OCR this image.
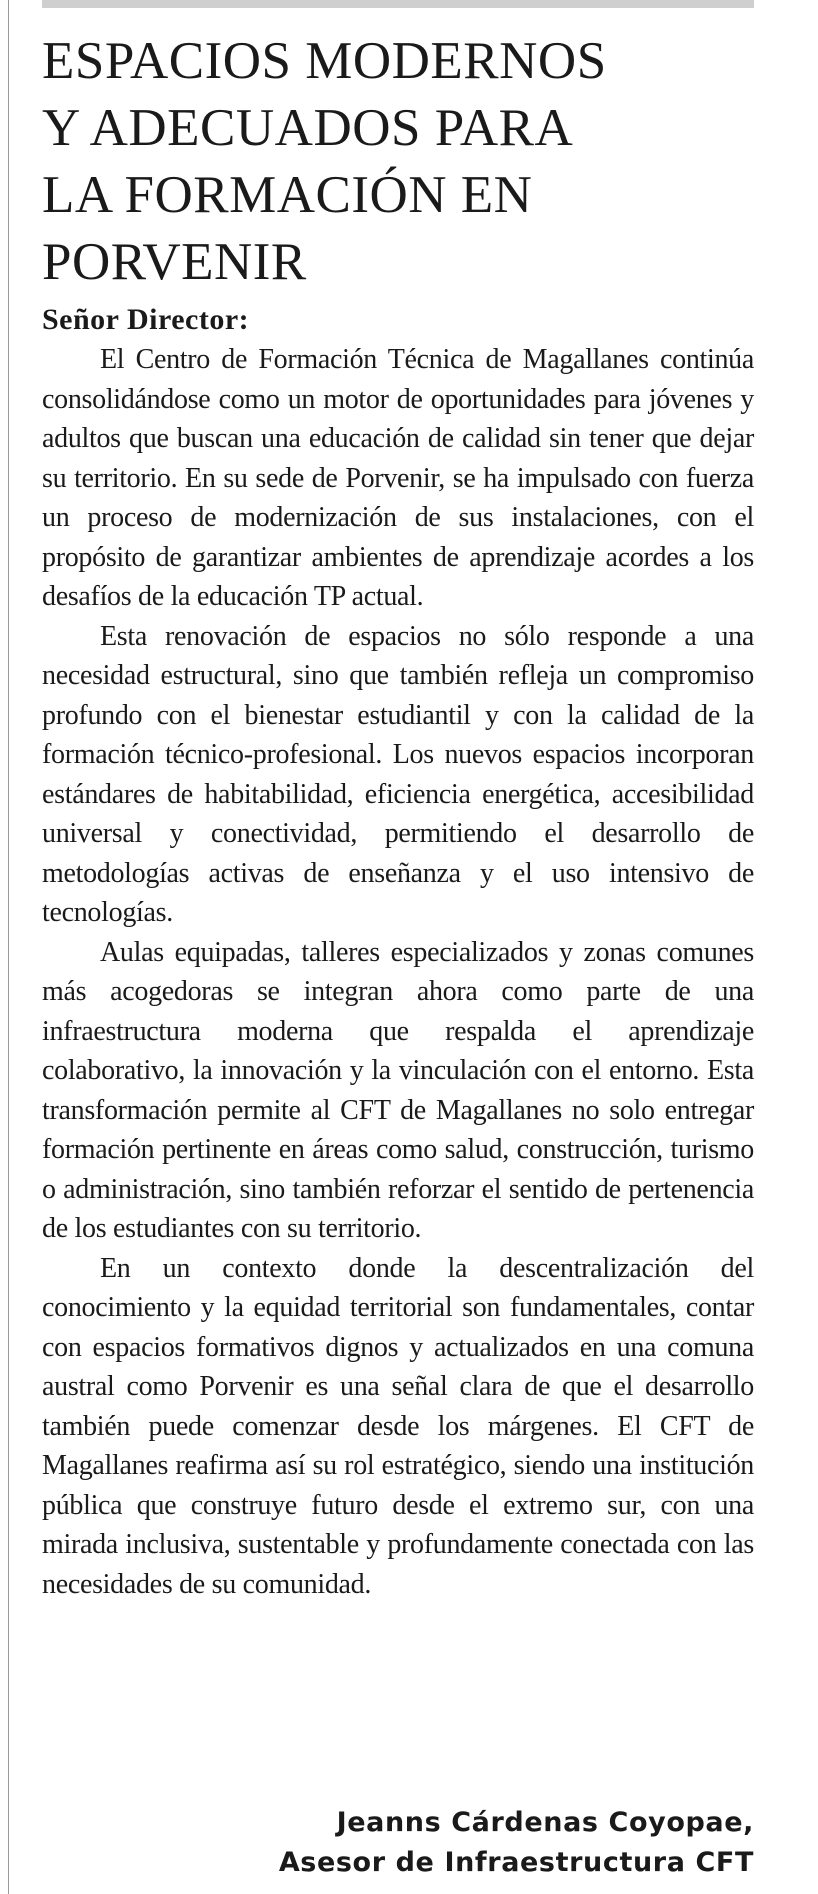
ESPACIOS MODERNOS
Y ADECUADOS PARA
LA FORMACIÓN EN
PORVENIR
Señor Director:

El Centro de Formación Técnica de Magallanes continúa consolidándose como un motor de oportunidades para jóvenes y adultos que buscan una educación de calidad sin tener que dejar su territorio. En su sede de Porvenir, se ha impulsado con fuerza un proceso de modernización de sus instalaciones, con el propósito de garantizar ambientes de aprendizaje acordes a los desafíos de la educación TP actual.

Esta renovación de espacios no sólo responde a una necesidad estructural, sino que también refleja un compromiso profundo con el bienestar estudiantil y con la calidad de la formación técnico-profesional. Los nuevos espacios incorporan estándares de habitabilidad, eficiencia energética, accesibilidad universal y conectividad, permitiendo el desarrollo de metodologías activas de enseñanza y el uso intensivo de tecnologías.

Aulas equipadas, talleres especializados y zonas comunes más acogedoras se integran ahora como parte de una infraestructura moderna que respalda el aprendizaje colaborativo, la innovación y la vinculación con el entorno. Esta transformación permite al CFT de Magallanes no solo entregar formación pertinente en áreas como salud, construcción, turismo o administración, sino también reforzar el sentido de pertenencia de los estudiantes con su territorio.

En un contexto donde la descentralización del conocimiento y la equidad territorial son fundamentales, contar con espacios formativos dignos y actualizados en una comuna austral como Porvenir es una señal clara de que el desarrollo también puede comenzar desde los márgenes. El CFT de Magallanes reafirma así su rol estratégico, siendo una institución pública que construye futuro desde el extremo sur, con una mirada inclusiva, sustentable y profundamente conectada con las necesidades de su comunidad.

Jeanns Cárdenas Coyopae,
Asesor de Infraestructura CFT
